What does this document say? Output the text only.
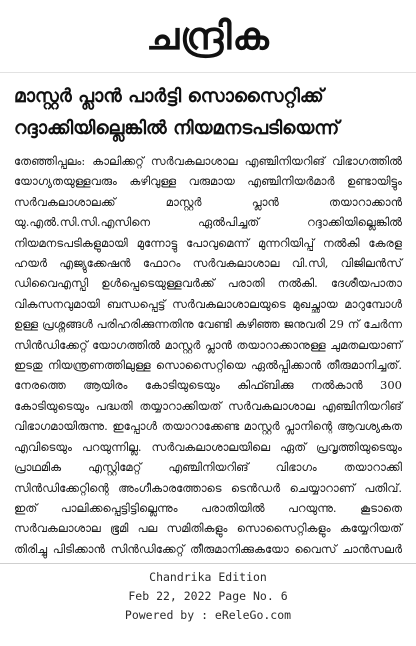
ചന്ദ്രിക
മാസ്റ്റർ പ്ലാൻ പാർട്ടി സൊസൈറ്റിക്ക്
റദ്ദാക്കിയില്ലെങ്കിൽ നിയമനടപടിയെന്ന്
തേഞ്ഞിപ്പലം: കാലിക്കറ്റ് സർവകലാശാല എഞ്ചിനിയറിങ് വിഭാഗത്തിൽ യോഗ്യതയുള്ളവരും കഴിവുള്ള വരുമായ എഞ്ചിനിയർമാർ ഉണ്ടായിട്ടും സർവകലാശാലക്ക് മാസ്റ്റർ പ്ലാൻ തയാറാക്കാൻ യു.എൽ.സി.സി.എസിനെ ഏൽപിച്ചത് റദ്ദാക്കിയില്ലെങ്കിൽ നിയമനടപടികളുമായി മുന്നോട്ടു പോവുമെന്ന് മുന്നറിയിപ്പ് നൽകി കേരള ഹയർ എജ്യുക്കേഷൻ ഫോറം സർവകലാശാല വി.സി, വിജിലൻസ് ഡിവൈഎസ്പി ഉൾപ്പെടെയുള്ളവർക്ക് പരാതി നൽകി. ദേശീയപാതാ വികസനവുമായി ബന്ധപ്പെട്ട് സർവകലാശാലയുടെ മുഖച്ഛായ മാറുമ്പോൾ ഉള്ള പ്രശ്നങ്ങൾ പരിഹരിക്കുന്നതിനു വേണ്ടി കഴിഞ്ഞ ജനുവരി 29 ന് ചേർന്ന സിൻഡിക്കേറ്റ് യോഗത്തിൽ മാസ്റ്റർ പ്ലാൻ തയാറാക്കാനുള്ള ചുമതലയാണ് ഇടതു നിയന്ത്രണത്തിലുള്ള സൊസൈറ്റിയെ ഏൽപ്പിക്കാൻ തീരുമാനിച്ചത്. നേരത്തെ ആയിരം കോടിയുടെയും കിഫ്ബിക്കു നൽകാൻ 300 കോടിയുടെയും പദ്ധതി തയ്യാറാക്കിയത് സർവകലാശാല എഞ്ചിനിയറിങ് വിഭാഗമായിരുന്നു. ഇപ്പോൾ തയാറാക്കേണ്ട മാസ്റ്റർ പ്ലാനിന്റെ ആവശ്യകത എവിടെയും പറയുന്നില്ല. സർവകലാശാലയിലെ ഏത് പ്രവൃത്തിയുടെയും പ്രാഥമിക എസ്റ്റിമേറ്റ് എഞ്ചിനിയറിങ് വിഭാഗം തയാറാക്കി സിൻഡിക്കേറ്റിന്റെ അംഗീകാരത്തോടെ ടെൻഡർ ചെയ്യാറാണ് പതിവ്. ഇത് പാലിക്കപ്പെട്ടിട്ടില്ലെന്നും പരാതിയിൽ പറയുന്നു. കൂടാതെ സർവകലാശാല ഭൂമി പല സമിതികളും സൊസൈറ്റികളും കയ്യേറിയത് തിരിച്ചു പിടിക്കാൻ സിൻഡിക്കേറ്റ് തീരുമാനിക്കുകയോ വൈസ് ചാൻസലർ
Chandrika Edition
Feb 22, 2022 Page No. 6
Powered by : eReleGo.com
